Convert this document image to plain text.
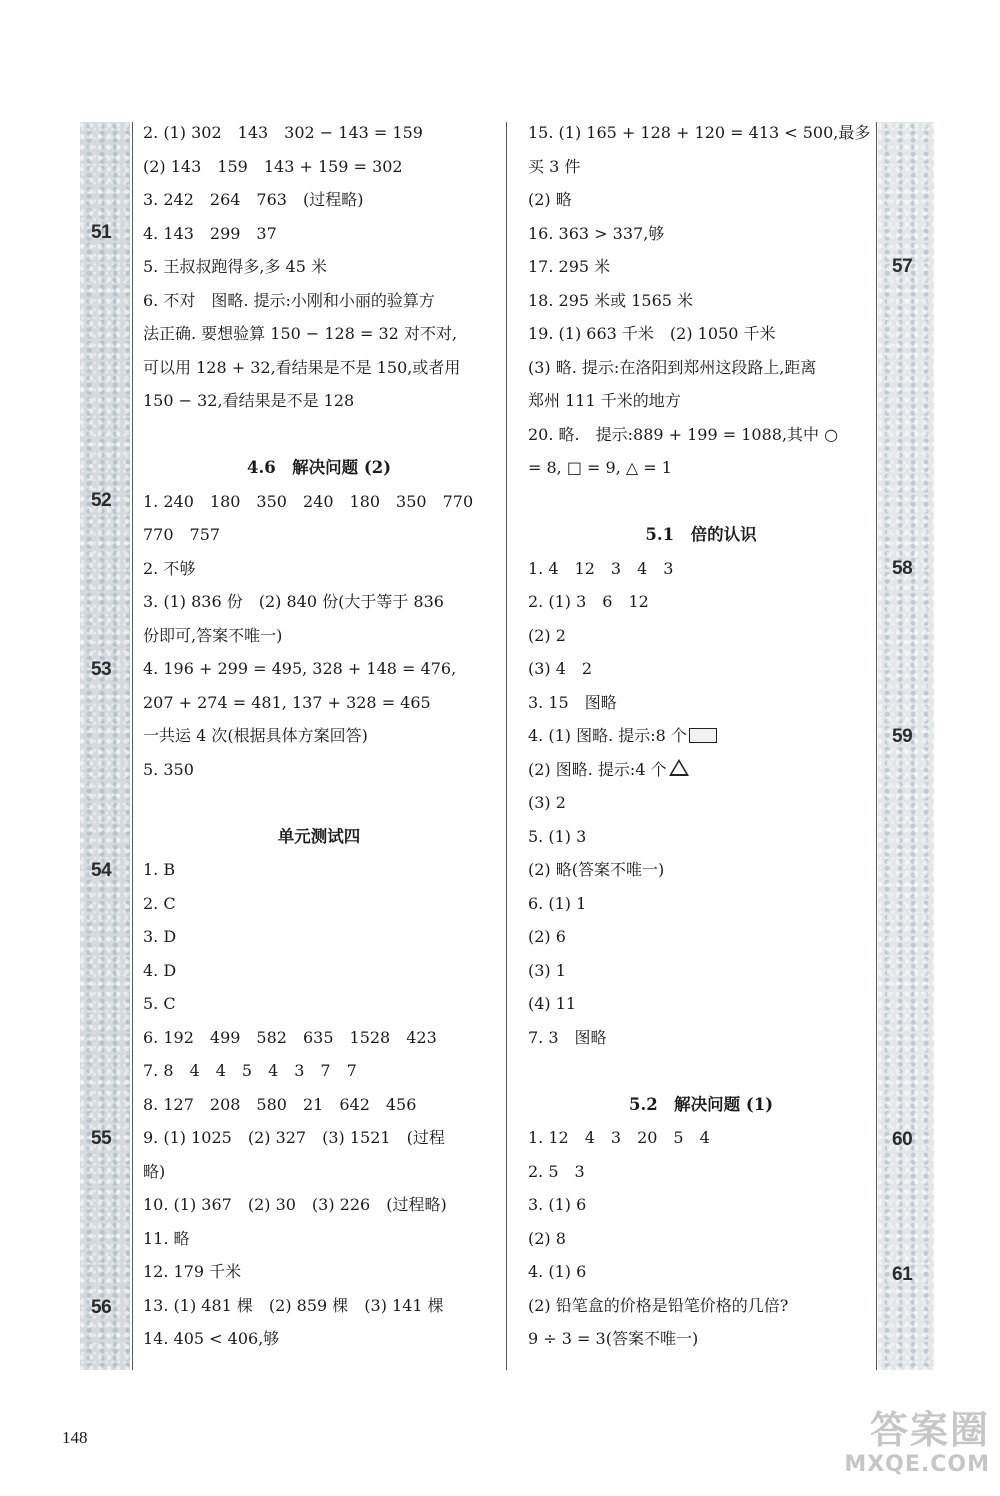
51
52
53
54
55
56
57
58
59
60
61
2. (1) 302　143　302 − 143 = 159
(2) 143　159　143 + 159 = 302
3. 242　264　763　(过程略)
4. 143　299　37
5. 王叔叔跑得多,多 45 米
6. 不对　图略. 提示:小刚和小丽的验算方
法正确. 要想验算 150 − 128 = 32 对不对,
可以用 128 + 32,看结果是不是 150,或者用
150 − 32,看结果是不是 128
4.6　解决问题 (2)
1. 240　180　350　240　180　350　770
770　757
2. 不够
3. (1) 836 份　(2) 840 份(大于等于 836
份即可,答案不唯一)
4. 196 + 299 = 495, 328 + 148 = 476,
207 + 274 = 481, 137 + 328 = 465
一共运 4 次(根据具体方案回答)
5. 350
单元测试四
1. B
2. C
3. D
4. D
5. C
6. 192　499　582　635　1528　423
7. 8　4　4　5　4　3　7　7
8. 127　208　580　21　642　456
9. (1) 1025　(2) 327　(3) 1521　(过程
略)
10. (1) 367　(2) 30　(3) 226　(过程略)
11. 略
12. 179 千米
13. (1) 481 棵　(2) 859 棵　(3) 141 棵
14. 405 < 406,够
15. (1) 165 + 128 + 120 = 413 < 500,最多
买 3 件
(2) 略
16. 363 > 337,够
17. 295 米
18. 295 米或 1565 米
19. (1) 663 千米　(2) 1050 千米
(3) 略. 提示:在洛阳到郑州这段路上,距离
郑州 111 千米的地方
20. 略.　提示:889 + 199 = 1088,其中 ○
= 8, □ = 9, △ = 1
5.1　倍的认识
1. 4　12　3　4　3
2. (1) 3　6　12
(2) 2
(3) 4　2
3. 15　图略
4. (1) 图略. 提示:8 个
(2) 图略. 提示:4 个
(3) 2
5. (1) 3
(2) 略(答案不唯一)
6. (1) 1
(2) 6
(3) 1
(4) 11
7. 3　图略
5.2　解决问题 (1)
1. 12　4　3　20　5　4
2. 5　3
3. (1) 6
(2) 8
4. (1) 6
(2) 铅笔盒的价格是铅笔价格的几倍?
9 ÷ 3 = 3(答案不唯一)
148	答案圈
MXQE.COM
